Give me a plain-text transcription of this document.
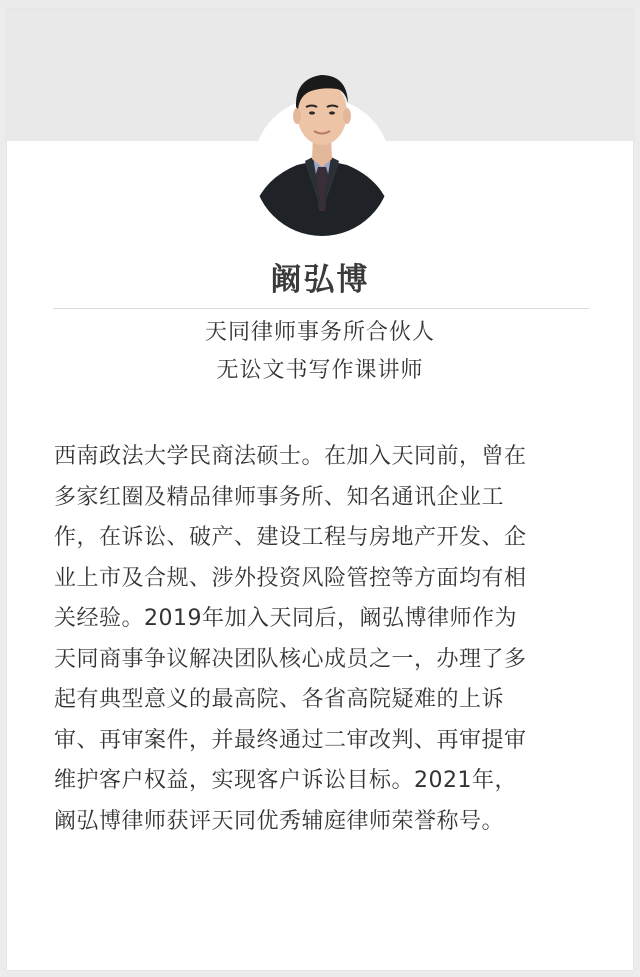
阚弘博
天同律师事务所合伙人
无讼文书写作课讲师

西南政法大学民商法硕士。在加入天同前，曾在
多家红圈及精品律师事务所、知名通讯企业工
作，在诉讼、破产、建设工程与房地产开发、企
业上市及合规、涉外投资风险管控等方面均有相
关经验。2019年加入天同后，阚弘博律师作为
天同商事争议解决团队核心成员之一，办理了多
起有典型意义的最高院、各省高院疑难的上诉
审、再审案件，并最终通过二审改判、再审提审
维护客户权益，实现客户诉讼目标。2021年，
阚弘博律师获评天同优秀辅庭律师荣誉称号。
